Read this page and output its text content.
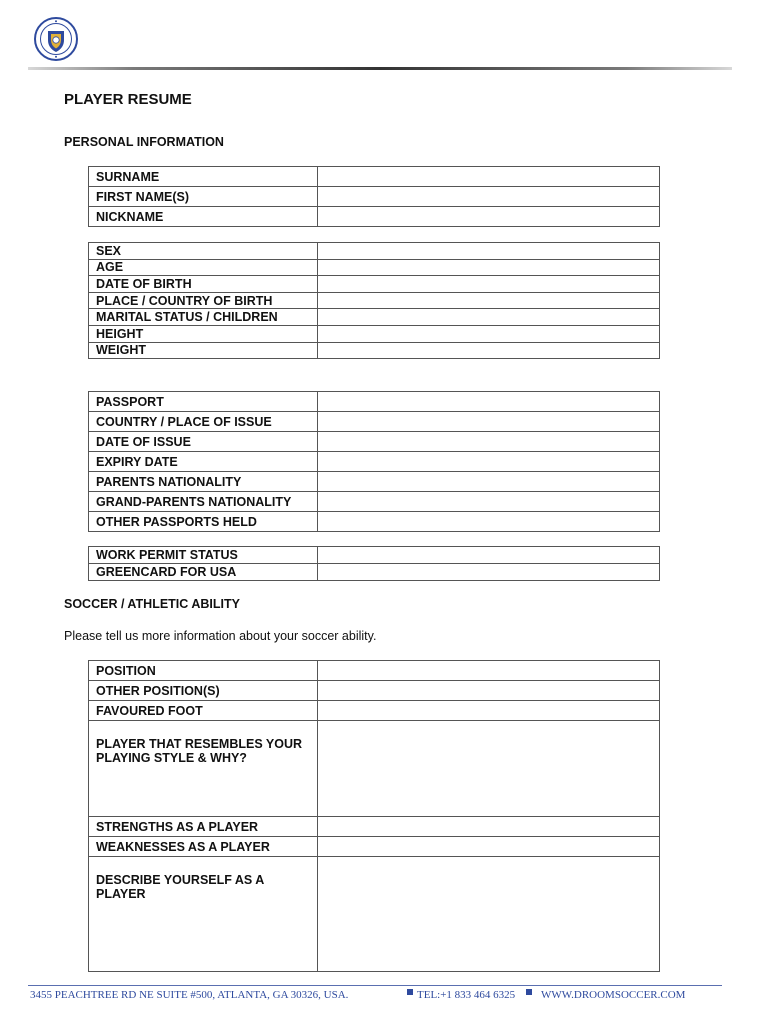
PLAYER RESUME
PERSONAL INFORMATION
SURNAME	
FIRST NAME(S)	
NICKNAME	
SEX	
AGE	
DATE OF BIRTH	
PLACE / COUNTRY OF BIRTH	
MARITAL STATUS / CHILDREN	
HEIGHT	
WEIGHT	
PASSPORT	
COUNTRY / PLACE OF ISSUE	
DATE OF ISSUE	
EXPIRY DATE	
PARENTS NATIONALITY	
GRAND-PARENTS NATIONALITY	
OTHER PASSPORTS HELD	
WORK PERMIT STATUS	
GREENCARD FOR USA	
SOCCER / ATHLETIC ABILITY

Please tell us more information about your soccer ability.

POSITION	
OTHER POSITION(S)	
FAVOURED FOOT	
PLAYER THAT RESEMBLES YOUR PLAYING STYLE & WHY?	
STRENGTHS AS A PLAYER	
WEAKNESSES AS A PLAYER	
DESCRIBE YOURSELF AS A PLAYER	
3455 PEACHTREE RD NE SUITE #500, ATLANTA, GA 30326, USA.	TEL:+1 833 464 6325 WWW.DROOMSOCCER.COM
